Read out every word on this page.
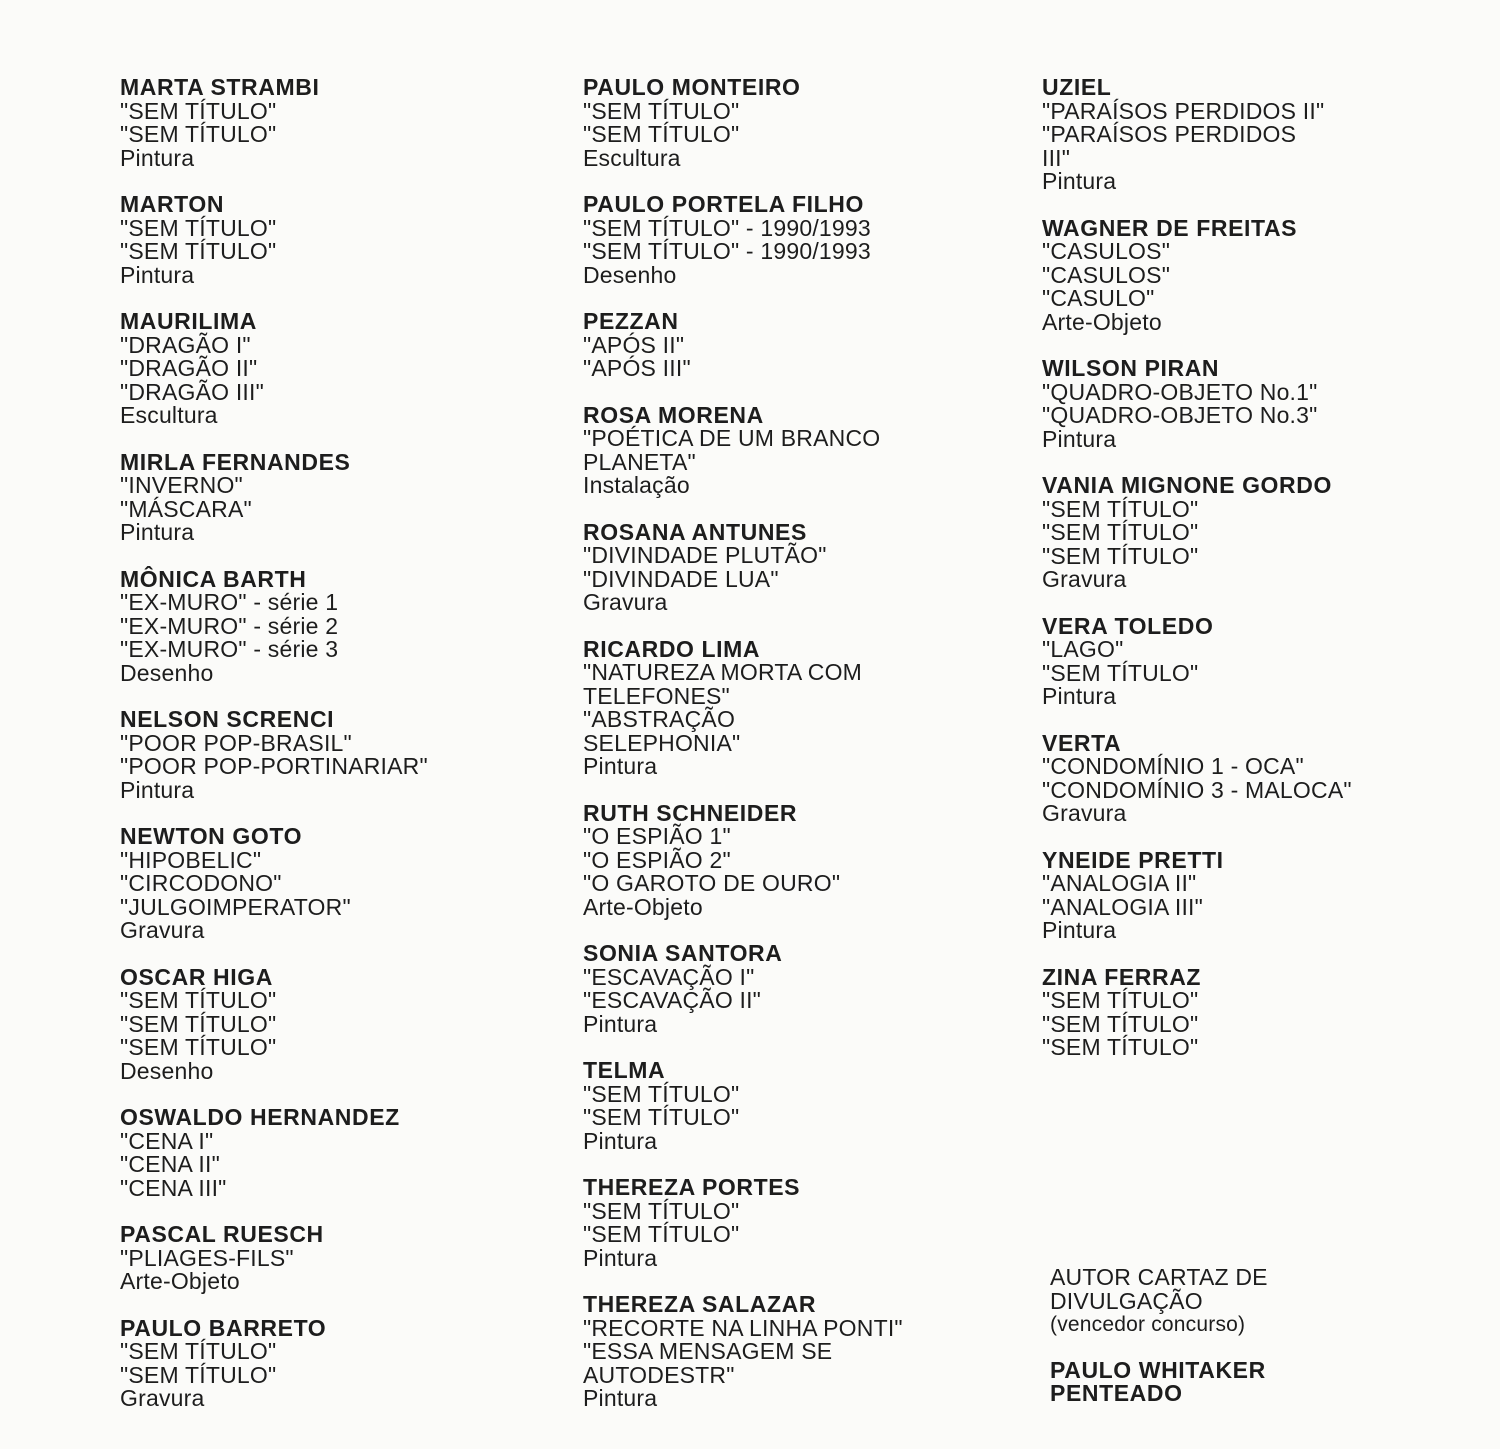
MARTA STRAMBI
"SEM TÍTULO"
"SEM TÍTULO"
Pintura
MARTON
"SEM TÍTULO"
"SEM TÍTULO"
Pintura
MAURILIMA
"DRAGÃO I"
"DRAGÃO II"
"DRAGÃO III"
Escultura
MIRLA FERNANDES
"INVERNO"
"MÁSCARA"
Pintura
MÔNICA BARTH
"EX-MURO" - série 1
"EX-MURO" - série 2
"EX-MURO" - série 3
Desenho
NELSON SCRENCI
"POOR POP-BRASIL"
"POOR POP-PORTINARIAR"
Pintura
NEWTON GOTO
"HIPOBELIC"
"CIRCODONO"
"JULGOIMPERATOR"
Gravura
OSCAR HIGA
"SEM TÍTULO"
"SEM TÍTULO"
"SEM TÍTULO"
Desenho
OSWALDO HERNANDEZ
"CENA I"
"CENA II"
"CENA III"
PASCAL RUESCH
"PLIAGES-FILS"
Arte-Objeto
PAULO BARRETO
"SEM TÍTULO"
"SEM TÍTULO"
Gravura
PAULO MONTEIRO
"SEM TÍTULO"
"SEM TÍTULO"
Escultura
PAULO PORTELA FILHO
"SEM TÍTULO" - 1990/1993
"SEM TÍTULO" - 1990/1993
Desenho
PEZZAN
"APÓS II"
"APÓS III"
ROSA MORENA
"POÉTICA DE UM BRANCO
PLANETA"
Instalação
ROSANA ANTUNES
"DIVINDADE PLUTÃO"
"DIVINDADE LUA"
Gravura
RICARDO LIMA
"NATUREZA MORTA COM
TELEFONES"
"ABSTRAÇÃO
SELEPHONIA"
Pintura
RUTH SCHNEIDER
"O ESPIÃO 1"
"O ESPIÃO 2"
"O GAROTO DE OURO"
Arte-Objeto
SONIA SANTORA
"ESCAVAÇÃO I"
"ESCAVAÇÃO II"
Pintura
TELMA
"SEM TÍTULO"
"SEM TÍTULO"
Pintura
THEREZA PORTES
"SEM TÍTULO"
"SEM TÍTULO"
Pintura
THEREZA SALAZAR
"RECORTE NA LINHA PONTI"
"ESSA MENSAGEM SE
AUTODESTR"
Pintura
UZIEL
"PARAÍSOS PERDIDOS II"
"PARAÍSOS PERDIDOS
III"
Pintura
WAGNER DE FREITAS
"CASULOS"
"CASULOS"
"CASULO"
Arte-Objeto
WILSON PIRAN
"QUADRO-OBJETO No.1"
"QUADRO-OBJETO No.3"
Pintura
VANIA MIGNONE GORDO
"SEM TÍTULO"
"SEM TÍTULO"
"SEM TÍTULO"
Gravura
VERA TOLEDO
"LAGO"
"SEM TÍTULO"
Pintura
VERTA
"CONDOMÍNIO 1 - OCA"
"CONDOMÍNIO 3 - MALOCA"
Gravura
YNEIDE PRETTI
"ANALOGIA II"
"ANALOGIA III"
Pintura
ZINA FERRAZ
"SEM TÍTULO"
"SEM TÍTULO"
"SEM TÍTULO"
AUTOR CARTAZ DE
DIVULGAÇÃO
(vencedor concurso)
PAULO WHITAKER
PENTEADO
